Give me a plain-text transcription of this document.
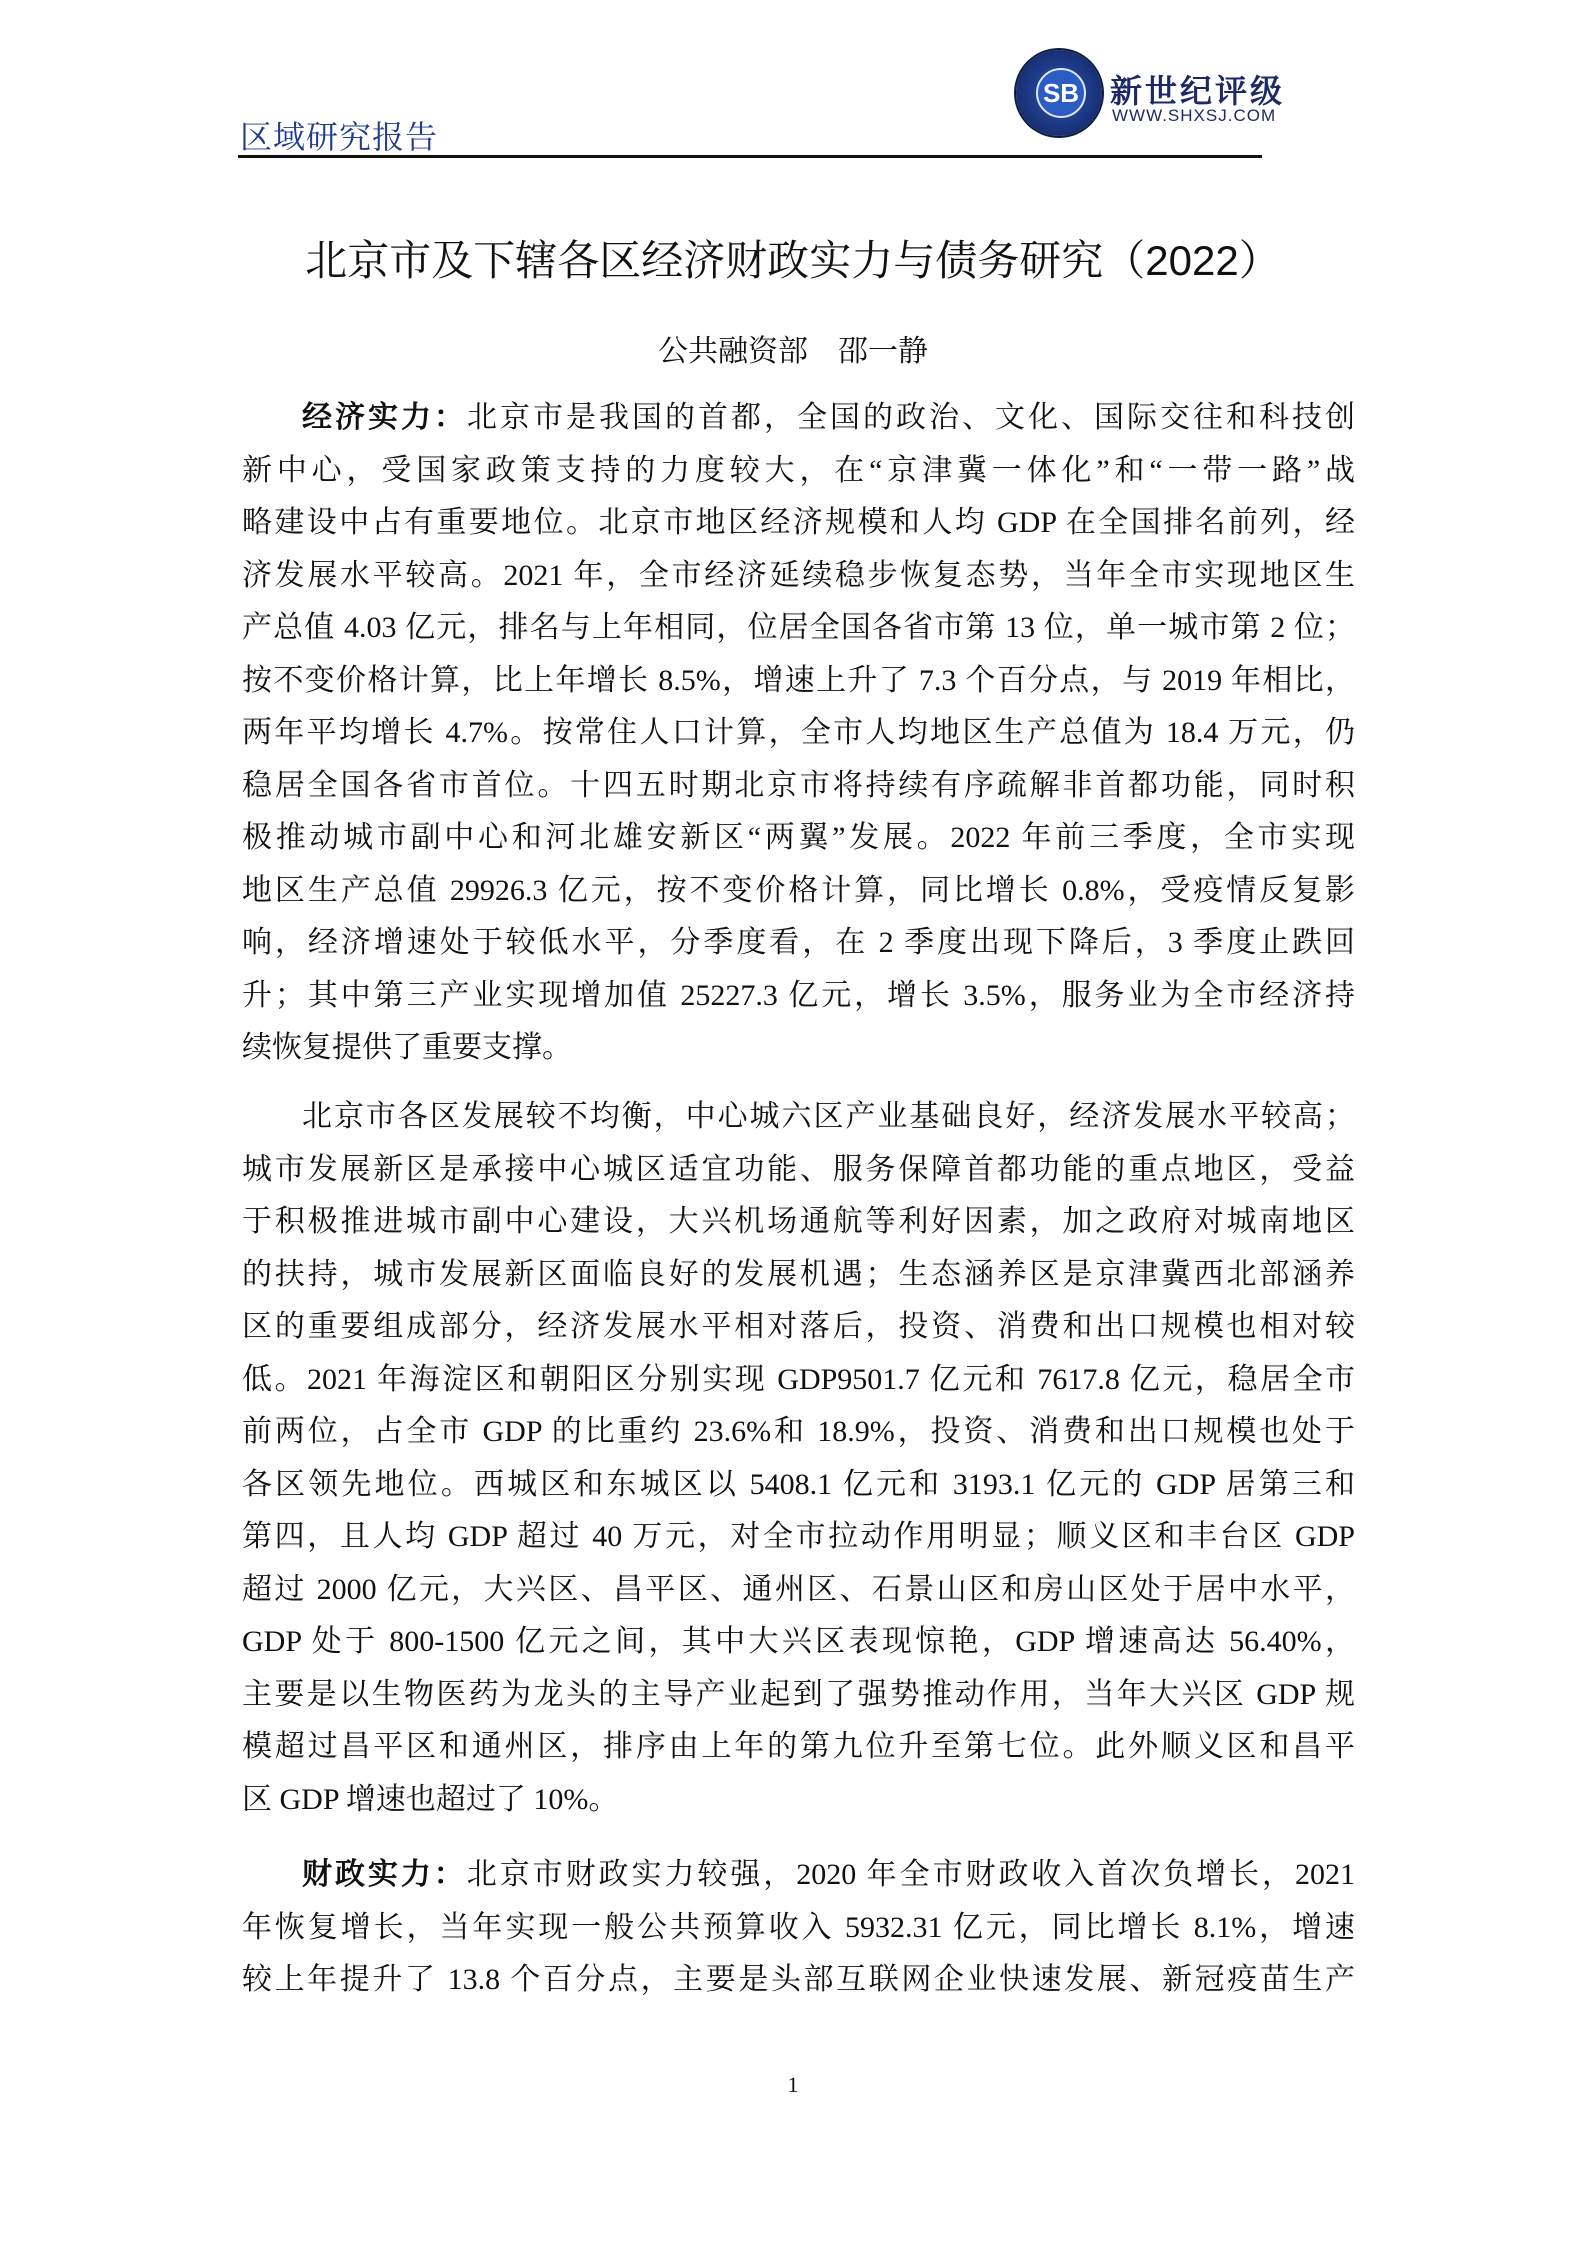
区域研究报告
SB 新世纪评级
WWW.SHXSJ.COM
北京市及下辖各区经济财政实力与债务研究（2022）
公共融资部　邵一静
经济实力：北京市是我国的首都，全国的政治、文化、国际交往和科技创
新中心，受国家政策支持的力度较大，在“京津冀一体化”和“一带一路”战
略建设中占有重要地位。北京市地区经济规模和人均 GDP 在全国排名前列，经
济发展水平较高。2021 年，全市经济延续稳步恢复态势，当年全市实现地区生
产总值 4.03 亿元，排名与上年相同，位居全国各省市第 13 位，单一城市第 2 位；
按不变价格计算，比上年增长 8.5%，增速上升了 7.3 个百分点，与 2019 年相比，
两年平均增长 4.7%。按常住人口计算，全市人均地区生产总值为 18.4 万元，仍
稳居全国各省市首位。十四五时期北京市将持续有序疏解非首都功能，同时积
极推动城市副中心和河北雄安新区“两翼”发展。2022 年前三季度，全市实现
地区生产总值 29926.3 亿元，按不变价格计算，同比增长 0.8%，受疫情反复影
响，经济增速处于较低水平，分季度看，在 2 季度出现下降后，3 季度止跌回
升；其中第三产业实现增加值 25227.3 亿元，增长 3.5%，服务业为全市经济持
续恢复提供了重要支撑。
北京市各区发展较不均衡，中心城六区产业基础良好，经济发展水平较高；
城市发展新区是承接中心城区适宜功能、服务保障首都功能的重点地区，受益
于积极推进城市副中心建设，大兴机场通航等利好因素，加之政府对城南地区
的扶持，城市发展新区面临良好的发展机遇；生态涵养区是京津冀西北部涵养
区的重要组成部分，经济发展水平相对落后，投资、消费和出口规模也相对较
低。2021 年海淀区和朝阳区分别实现 GDP9501.7 亿元和 7617.8 亿元，稳居全市
前两位，占全市 GDP 的比重约 23.6%和 18.9%，投资、消费和出口规模也处于
各区领先地位。西城区和东城区以 5408.1 亿元和 3193.1 亿元的 GDP 居第三和
第四，且人均 GDP 超过 40 万元，对全市拉动作用明显；顺义区和丰台区 GDP
超过 2000 亿元，大兴区、昌平区、通州区、石景山区和房山区处于居中水平，
GDP 处于 800-1500 亿元之间，其中大兴区表现惊艳，GDP 增速高达 56.40%，
主要是以生物医药为龙头的主导产业起到了强势推动作用，当年大兴区 GDP 规
模超过昌平区和通州区，排序由上年的第九位升至第七位。此外顺义区和昌平
区 GDP 增速也超过了 10%。
财政实力：北京市财政实力较强，2020 年全市财政收入首次负增长，2021
年恢复增长，当年实现一般公共预算收入 5932.31 亿元，同比增长 8.1%，增速
较上年提升了 13.8 个百分点，主要是头部互联网企业快速发展、新冠疫苗生产
1
